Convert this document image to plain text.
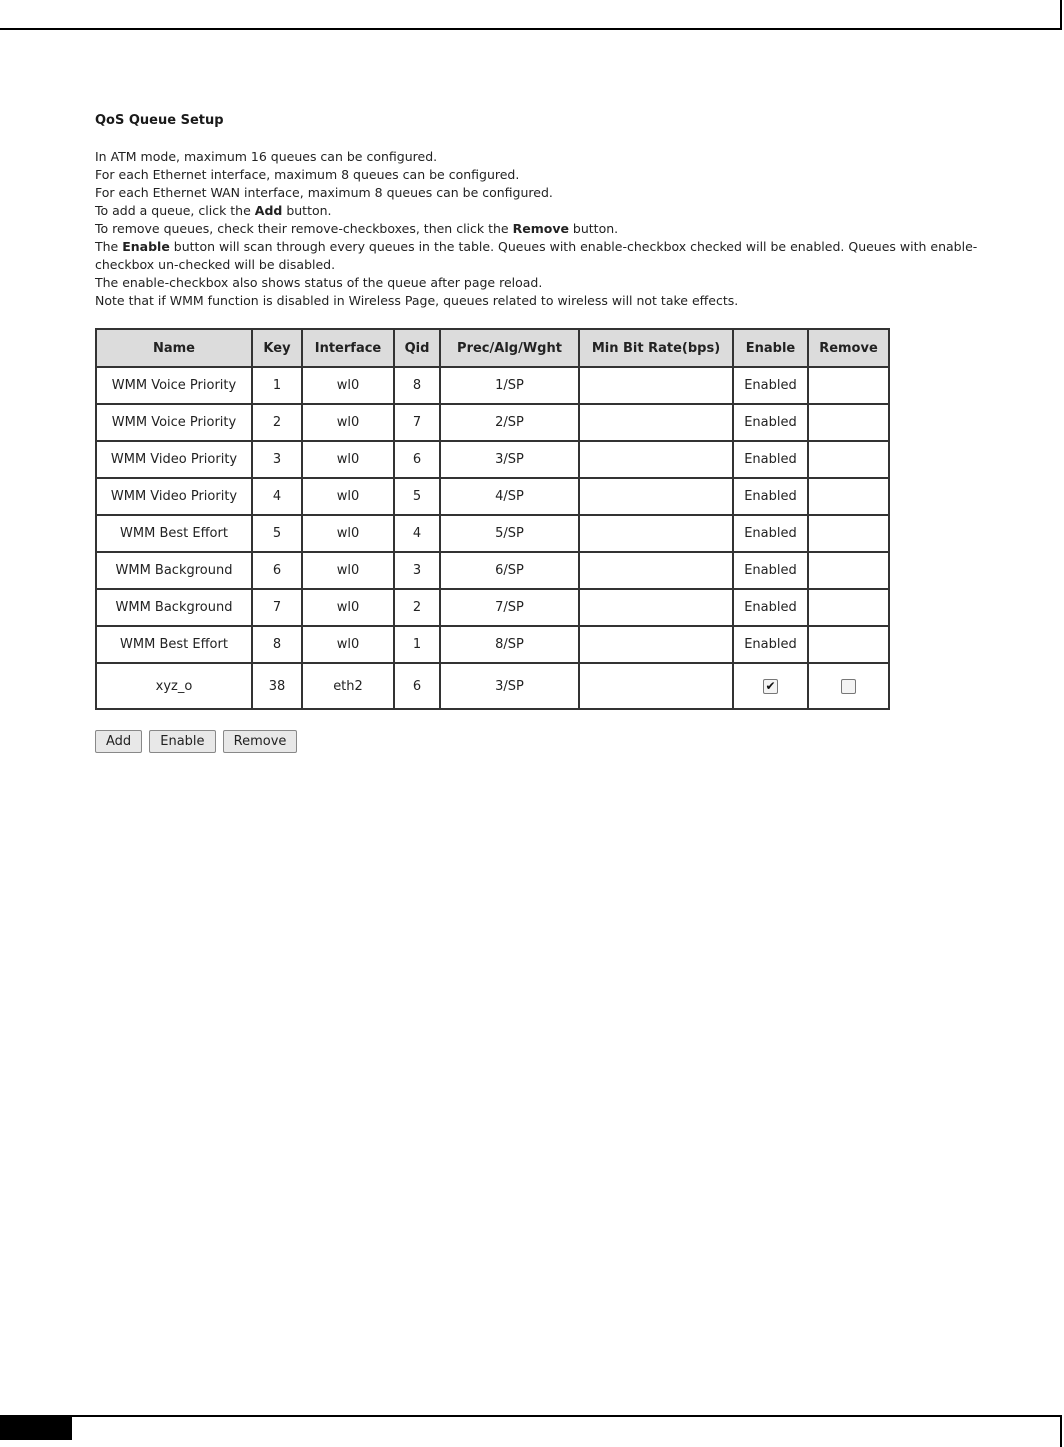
QoS Queue Setup

In ATM mode, maximum 16 queues can be configured.

For each Ethernet interface, maximum 8 queues can be configured.

For each Ethernet WAN interface, maximum 8 queues can be configured.

To add a queue, click the Add button.

To remove queues, check their remove-checkboxes, then click the Remove button.

The Enable button will scan through every queues in the table. Queues with enable-checkbox checked will be enabled. Queues with enable-checkbox un-checked will be disabled.

The enable-checkbox also shows status of the queue after page reload.

Note that if WMM function is disabled in Wireless Page, queues related to wireless will not take effects.

Name	Key	Interface	Qid	Prec/Alg/Wght	Min Bit Rate(bps)	Enable	Remove
WMM Voice Priority	1	wl0	8	1/SP		Enabled	
WMM Voice Priority	2	wl0	7	2/SP		Enabled	
WMM Video Priority	3	wl0	6	3/SP		Enabled	
WMM Video Priority	4	wl0	5	4/SP		Enabled	
WMM Best Effort	5	wl0	4	5/SP		Enabled	
WMM Background	6	wl0	3	6/SP		Enabled	
WMM Background	7	wl0	2	7/SP		Enabled	
WMM Best Effort	8	wl0	1	8/SP		Enabled	
xyz_o	38	eth2	6	3/SP		✔	
Add Enable Remove
